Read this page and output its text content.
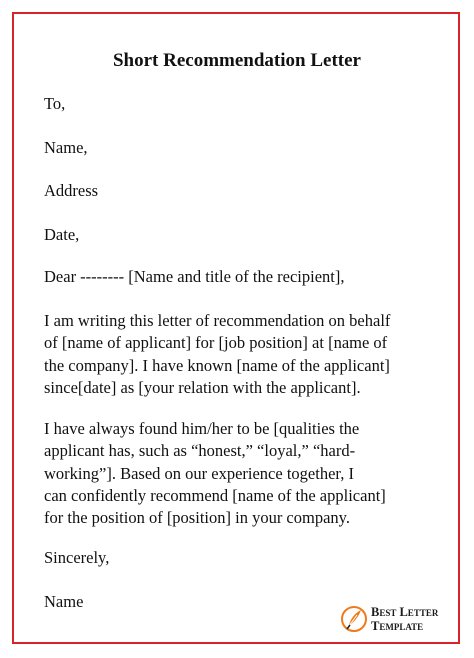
Short Recommendation Letter
To,
Name,
Address
Date,
Dear -------- [Name and title of the recipient],
I am writing this letter of recommendation on behalf
of [name of applicant] for [job position] at [name of
the company]. I have known [name of the applicant]
since[date] as [your relation with the applicant].
I have always found him/her to be [qualities the
applicant has, such as “honest,” “loyal,” “hard-
working”]. Based on our experience together, I
can confidently recommend [name of the applicant]
for the position of [position] in your company.
Sincerely,
Name
Best Letter
Template
